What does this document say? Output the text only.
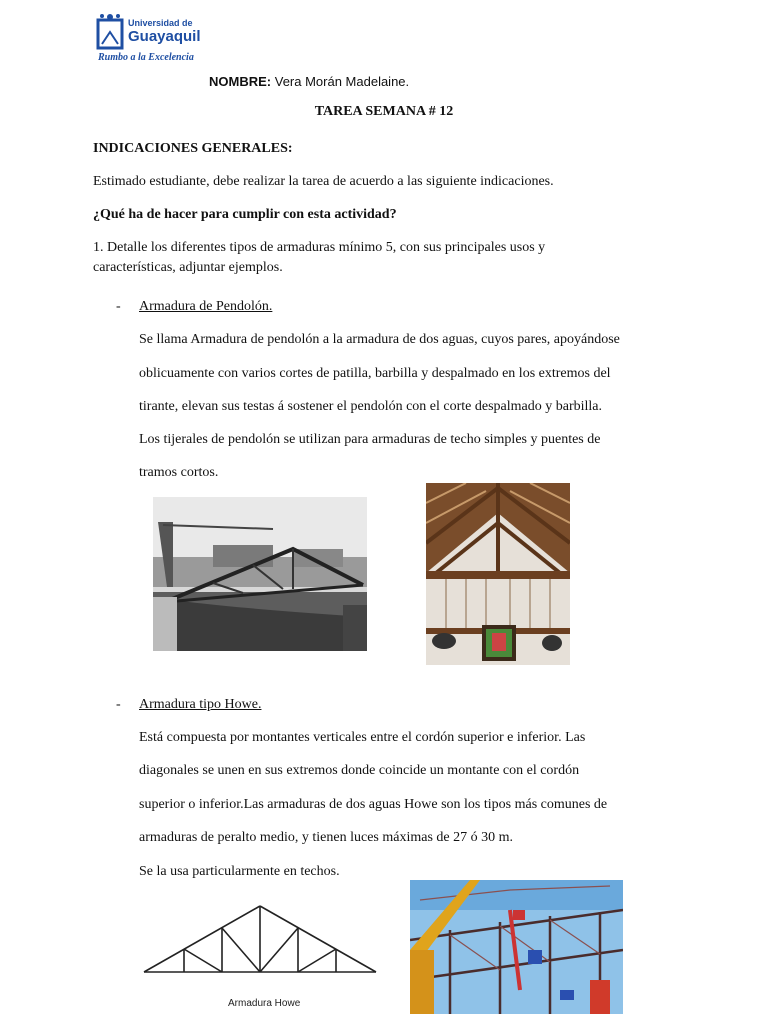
Universidad de
Guayaquil
Rumbo a la Excelencia
NOMBRE: Vera Morán Madelaine.
TAREA SEMANA # 12
INDICACIONES GENERALES:
Estimado estudiante, debe realizar la tarea de acuerdo a las siguiente indicaciones.
¿Qué ha de hacer para cumplir con esta actividad?
1. Detalle los diferentes tipos de armaduras mínimo 5, con sus principales usos y
características, adjuntar ejemplos.
- Armadura de Pendolón.
Se llama Armadura de pendolón a la armadura de dos aguas, cuyos pares, apoyándose
oblicuamente con varios cortes de patilla, barbilla y despalmado en los extremos del
tirante, elevan sus testas á sostener el pendolón con el corte despalmado y barbilla.
Los tijerales de pendolón se utilizan para armaduras de techo simples y puentes de
tramos cortos.
- Armadura tipo Howe.
Está compuesta por montantes verticales entre el cordón superior e inferior. Las
diagonales se unen en sus extremos donde coincide un montante con el cordón
superior o inferior.Las armaduras de dos aguas Howe son los tipos más comunes de
armaduras de peralto medio, y tienen luces máximas de 27 ó 30 m.
Se la usa particularmente en techos.
Armadura Howe
